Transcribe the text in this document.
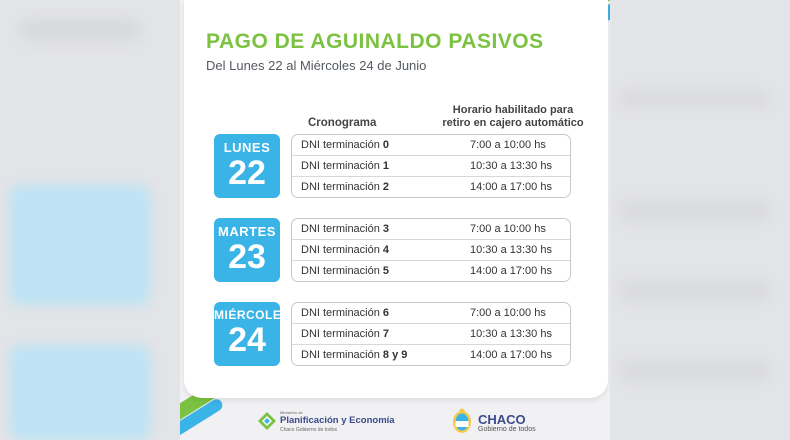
PAGO DE AGUINALDO PASIVOS
Del Lunes 22 al Miércoles 24 de Junio
Cronograma
Horario habilitado para retiro en cajero automático
LUNES
22
DNI terminación 0	7:00 a 10:00 hs
DNI terminación 1	10:30 a 13:30 hs
DNI terminación 2	14:00 a 17:00 hs
MARTES
23
DNI terminación 3	7:00 a 10:00 hs
DNI terminación 4	10:30 a 13:30 hs
DNI terminación 5	14:00 a 17:00 hs
MIÉRCOLES
24
DNI terminación 6	7:00 a 10:00 hs
DNI terminación 7	10:30 a 13:30 hs
DNI terminación 8 y 9	14:00 a 17:00 hs
Ministerio de
Planificación y Economía
Chaco Gobierno de todos
CHACO
Gobierno de todos
